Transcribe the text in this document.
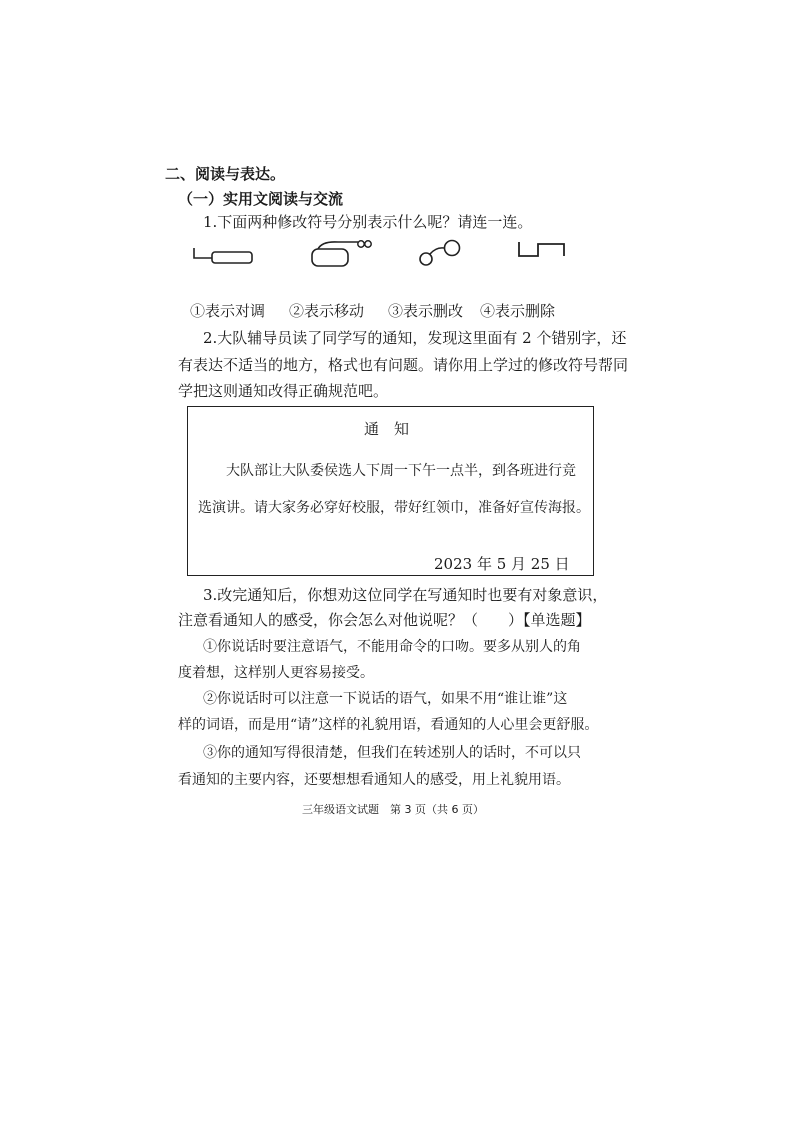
二、阅读与表达。
（一）实用文阅读与交流
1.下面两种修改符号分别表示什么呢？请连一连。
①表示对调 ②表示移动 ③表示删改 ④表示删除
2.大队辅导员读了同学写的通知，发现这里面有 2 个错别字，还
有表达不适当的地方，格式也有问题。请你用上学过的修改符号帮同
学把这则通知改得正确规范吧。
通　知
大队部让大队委侯选人下周一下午一点半，到各班进行竞
选演讲。请大家务必穿好校服，带好红领巾，准备好宣传海报。
2023 年 5 月 25 日
3.改完通知后，你想劝这位同学在写通知时也要有对象意识，
注意看通知人的感受，你会怎么对他说呢？（　　）【单选题】
①你说话时要注意语气，不能用命令的口吻。要多从别人的角
度着想，这样别人更容易接受。
②你说话时可以注意一下说话的语气，如果不用“谁让谁”这
样的词语，而是用“请”这样的礼貌用语，看通知的人心里会更舒服。
③你的通知写得很清楚，但我们在转述别人的话时，不可以只
看通知的主要内容，还要想想看通知人的感受，用上礼貌用语。
三年级语文试题　第 3 页（共 6 页）
